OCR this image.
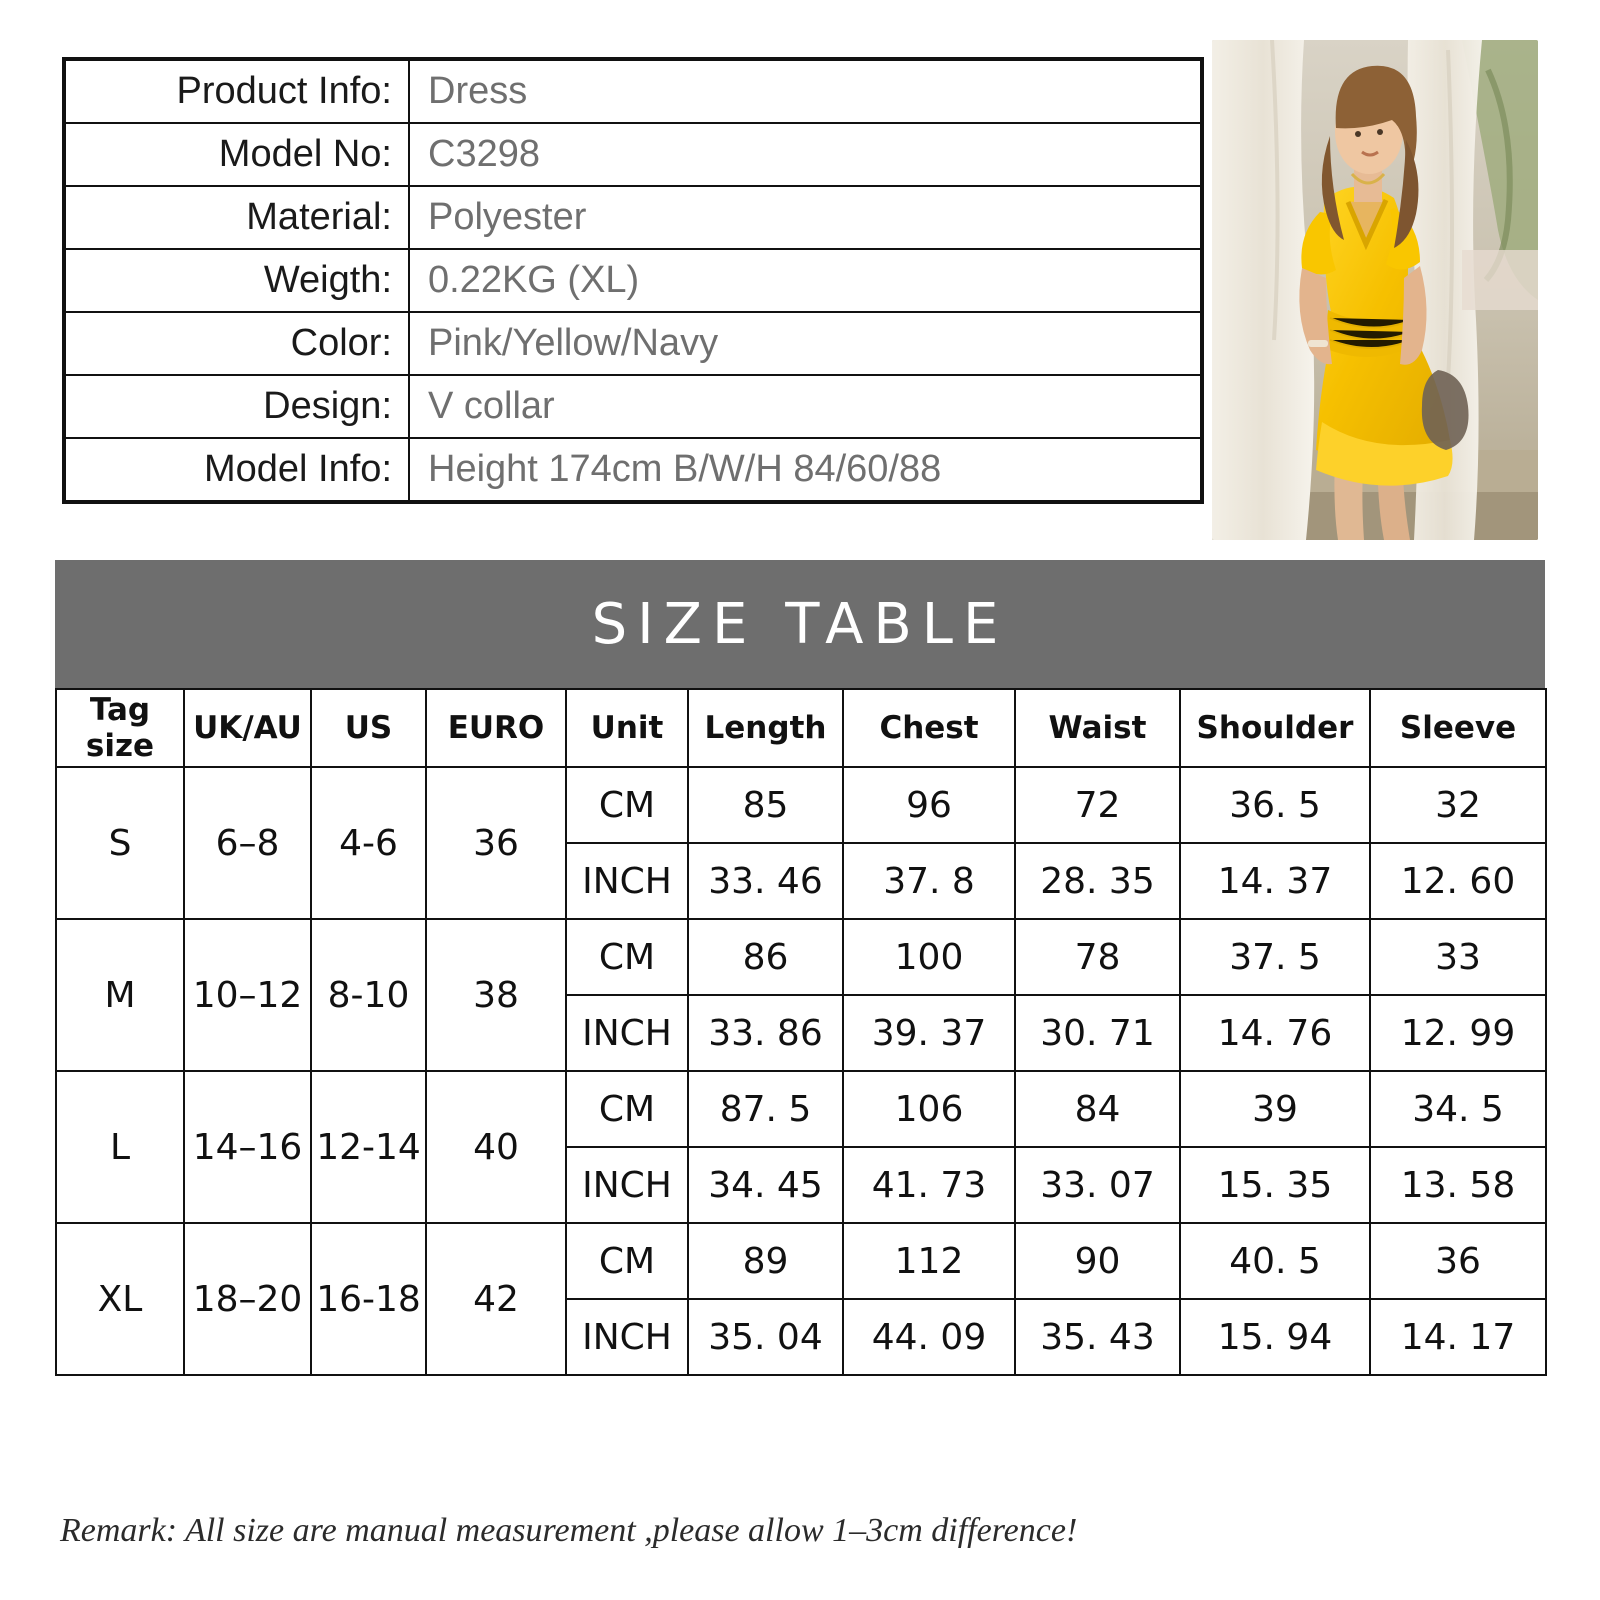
Product Info:	Dress
Model No:	C3298
Material:	Polyester
Weigth:	0.22KG (XL)
Color:	Pink/Yellow/Navy
Design:	V collar
Model Info:	Height 174cm B/W/H 84/60/88
SIZE TABLE
Tag size	UK/AU	US	EURO	Unit	Length	Chest	Waist	Shoulder	Sleeve
S	6–8	4-6	36	CM	85	96	72	36. 5	32
				INCH	33. 46	37. 8	28. 35	14. 37	12. 60
M	10–12	8-10	38	CM	86	100	78	37. 5	33
				INCH	33. 86	39. 37	30. 71	14. 76	12. 99
L	14–16	12-14	40	CM	87. 5	106	84	39	34. 5
				INCH	34. 45	41. 73	33. 07	15. 35	13. 58
XL	18–20	16-18	42	CM	89	112	90	40. 5	36
				INCH	35. 04	44. 09	35. 43	15. 94	14. 17
Remark: All size are manual measurement ,please allow 1–3cm difference!
